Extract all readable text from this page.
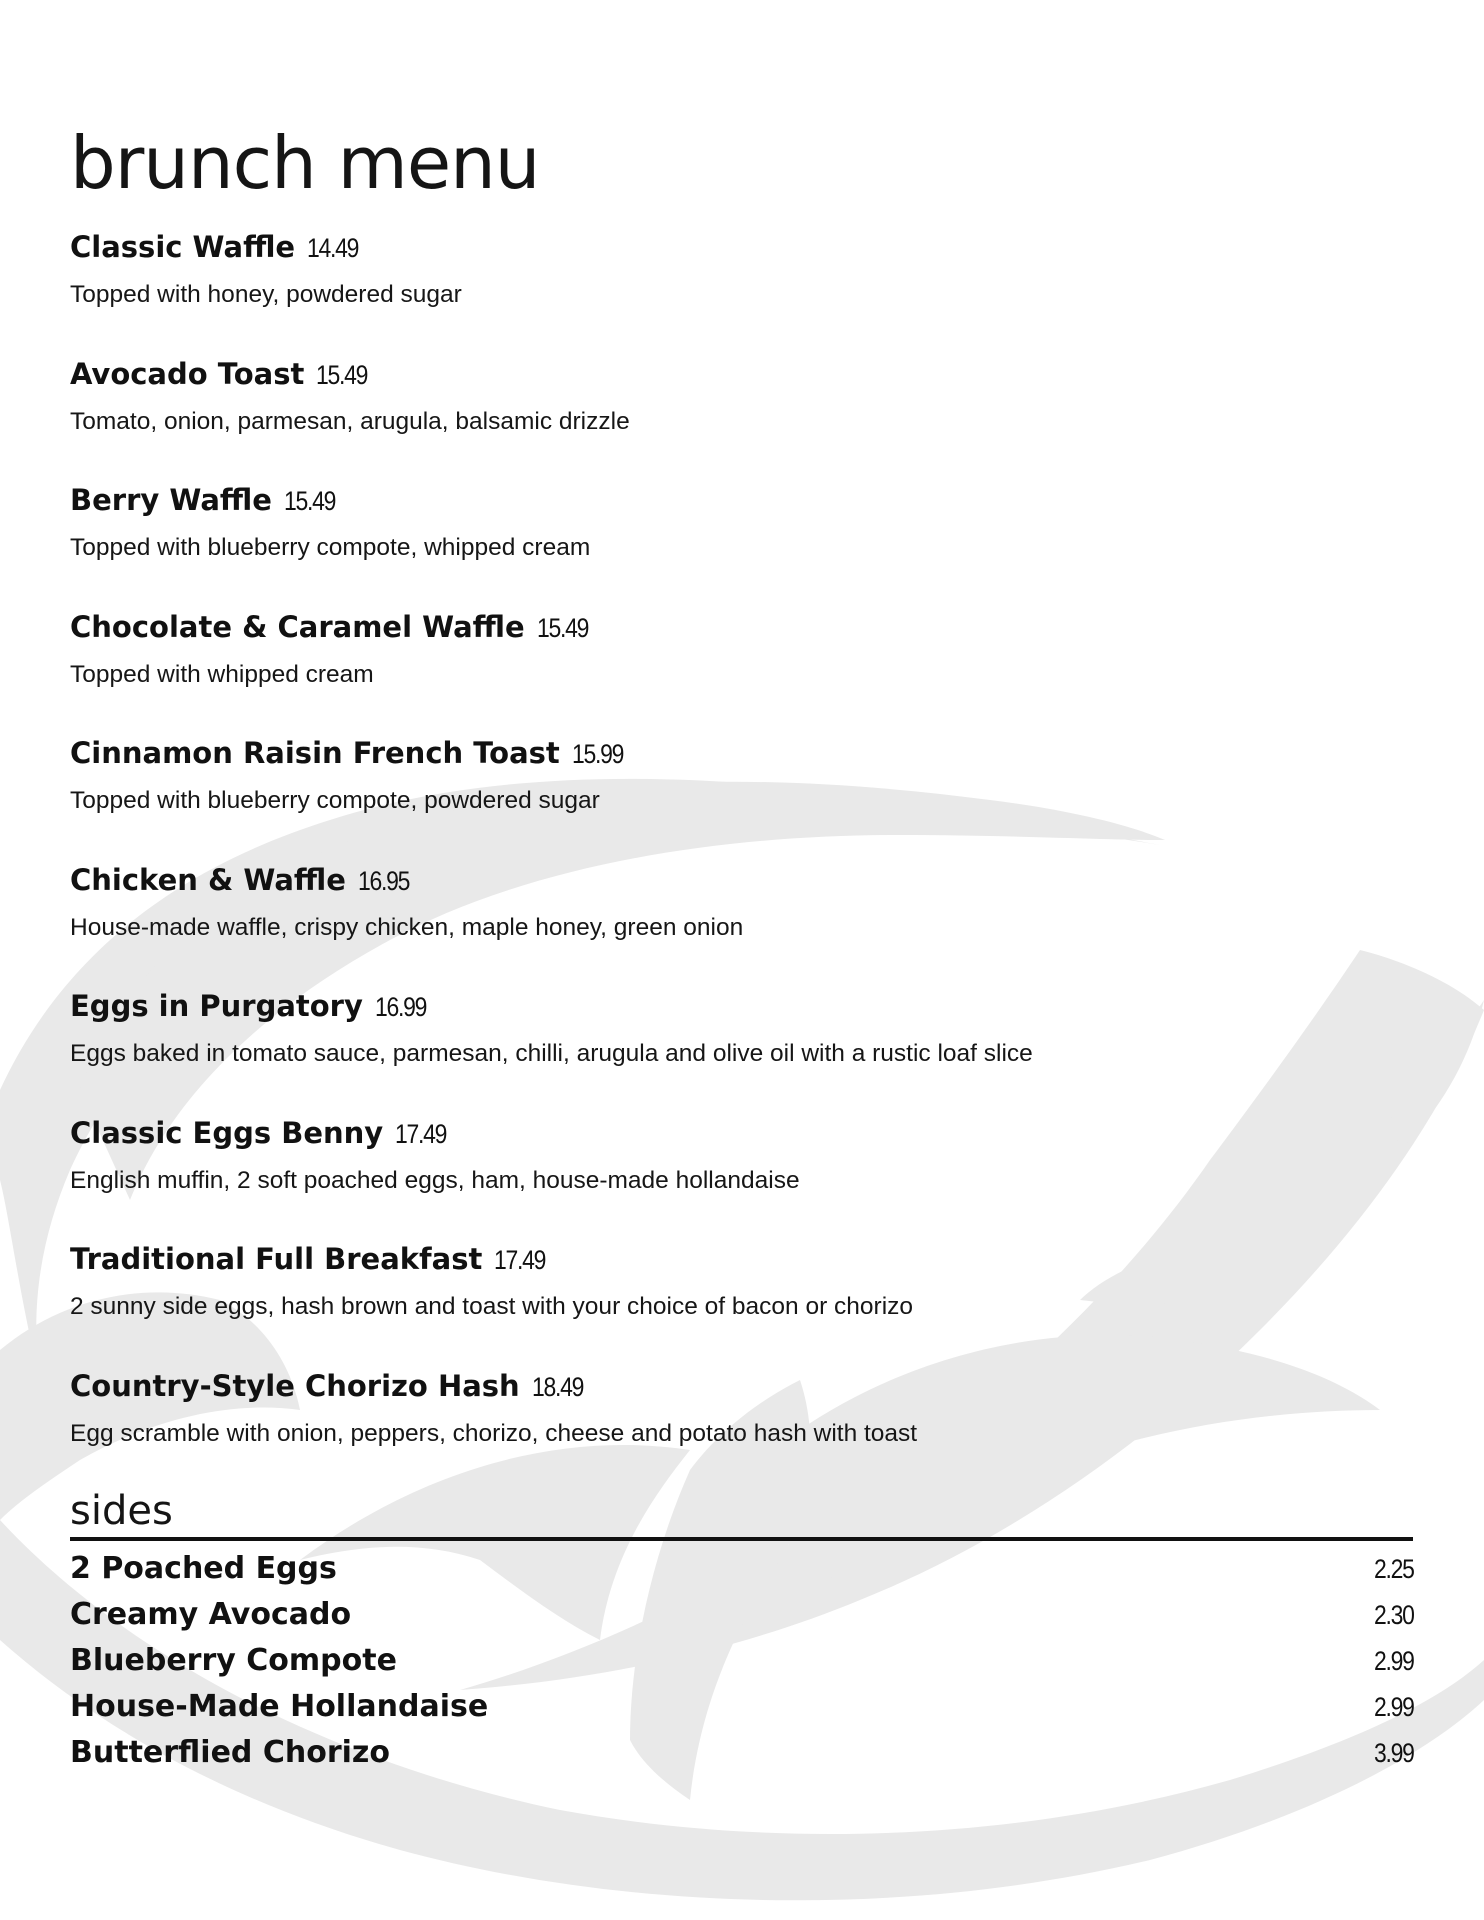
brunch menu
Classic Waffle 14.49
Topped with honey, powdered sugar
Avocado Toast 15.49
Tomato, onion, parmesan, arugula, balsamic drizzle
Berry Waffle 15.49
Topped with blueberry compote, whipped cream
Chocolate & Caramel Waffle 15.49
Topped with whipped cream
Cinnamon Raisin French Toast 15.99
Topped with blueberry compote, powdered sugar
Chicken & Waffle 16.95
House-made waffle, crispy chicken, maple honey, green onion
Eggs in Purgatory 16.99
Eggs baked in tomato sauce, parmesan, chilli, arugula and olive oil with a rustic loaf slice
Classic Eggs Benny 17.49
English muffin, 2 soft poached eggs, ham, house-made hollandaise
Traditional Full Breakfast 17.49
2 sunny side eggs, hash brown and toast with your choice of bacon or chorizo
Country-Style Chorizo Hash 18.49
Egg scramble with onion, peppers, chorizo, cheese and potato hash with toast
sides
2 Poached Eggs	2.25
Creamy Avocado	2.30
Blueberry Compote	2.99
House-Made Hollandaise	2.99
Butterflied Chorizo	3.99
